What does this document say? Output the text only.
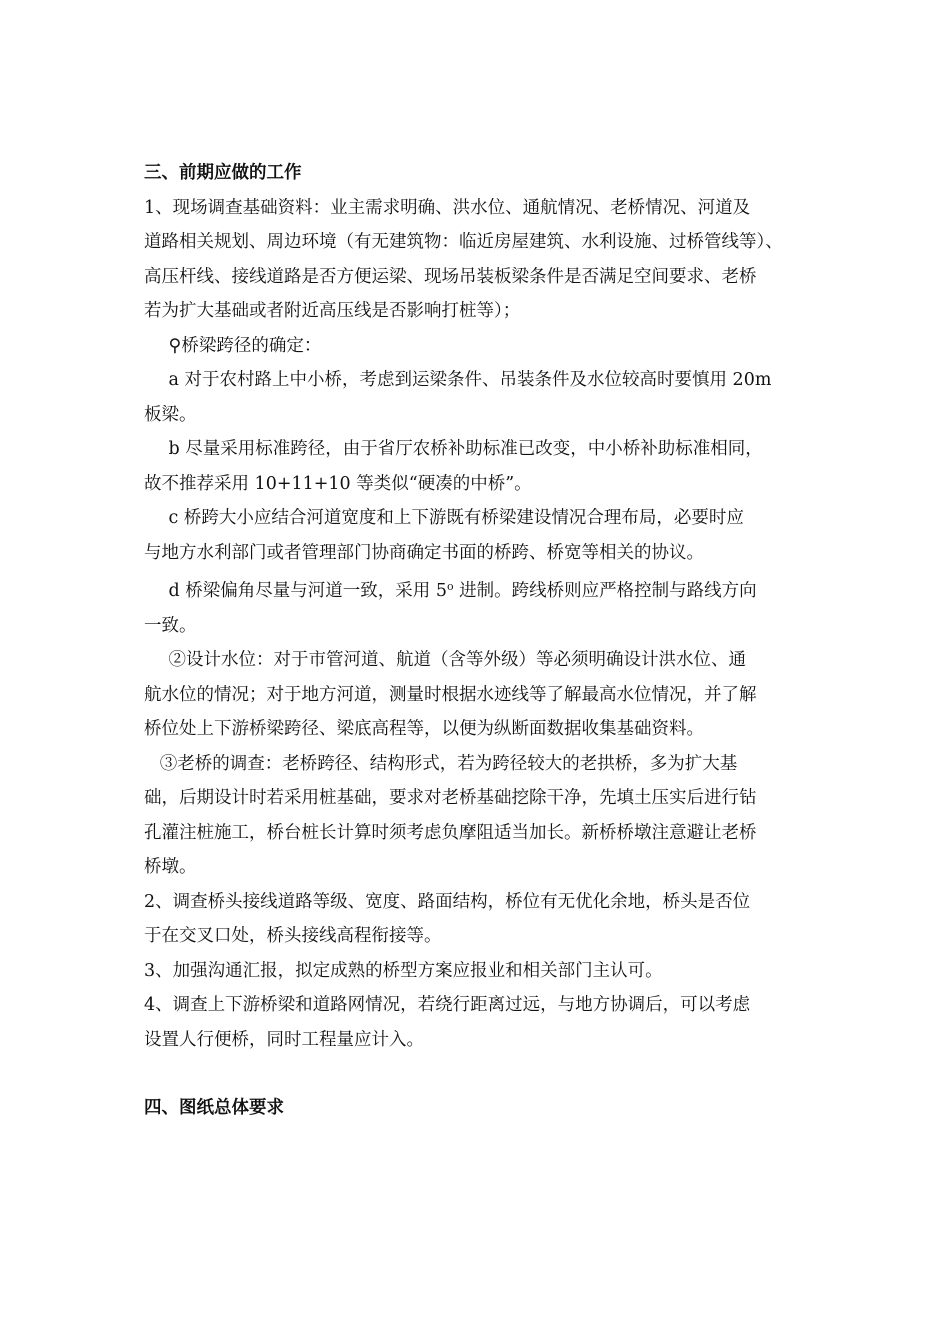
三、前期应做的工作

1、现场调查基础资料：业主需求明确、洪水位、通航情况、老桥情况、河道及

道路相关规划、周边环境（有无建筑物：临近房屋建筑、水利设施、过桥管线等）、

高压杆线、接线道路是否方便运梁、现场吊装板梁条件是否满足空间要求、老桥

若为扩大基础或者附近高压线是否影响打桩等）；

⚲桥梁跨径的确定：

a 对于农村路上中小桥，考虑到运梁条件、吊装条件及水位较高时要慎用 20m

板梁。

b 尽量采用标准跨径，由于省厅农桥补助标准已改变，中小桥补助标准相同，

故不推荐采用 10+11+10 等类似“硬凑的中桥”。

c 桥跨大小应结合河道宽度和上下游既有桥梁建设情况合理布局，必要时应

与地方水利部门或者管理部门协商确定书面的桥跨、桥宽等相关的协议。

d 桥梁偏角尽量与河道一致，采用 5$^o$ 进制。跨线桥则应严格控制与路线方向

一致。

②设计水位：对于市管河道、航道（含等外级）等必须明确设计洪水位、通

航水位的情况；对于地方河道，测量时根据水迹线等了解最高水位情况，并了解

桥位处上下游桥梁跨径、梁底高程等，以便为纵断面数据收集基础资料。

③老桥的调查：老桥跨径、结构形式，若为跨径较大的老拱桥，多为扩大基

础，后期设计时若采用桩基础，要求对老桥基础挖除干净，先填土压实后进行钻

孔灌注桩施工，桥台桩长计算时须考虑负摩阻适当加长。新桥桥墩注意避让老桥

桥墩。

2、调查桥头接线道路等级、宽度、路面结构，桥位有无优化余地，桥头是否位

于在交叉口处，桥头接线高程衔接等。

3、加强沟通汇报，拟定成熟的桥型方案应报业和相关部门主认可。

4、调查上下游桥梁和道路网情况，若绕行距离过远，与地方协调后，可以考虑

设置人行便桥，同时工程量应计入。

四、图纸总体要求
